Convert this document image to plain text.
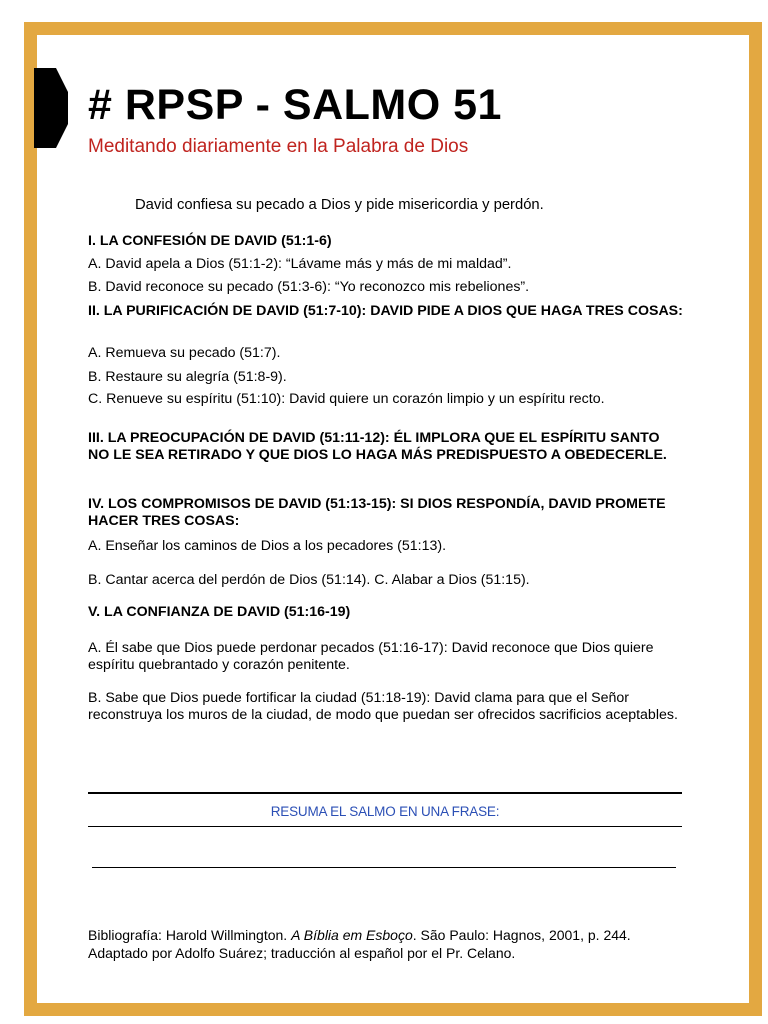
# RPSP - SALMO 51
Meditando diariamente en la Palabra de Dios
David confiesa su pecado a Dios y pide misericordia y perdón.
I. LA CONFESIÓN DE DAVID (51:1-6)
A. David apela a Dios (51:1-2): “Lávame más y más de mi maldad”.
B. David reconoce su pecado (51:3-6): “Yo reconozco mis rebeliones”.
II. LA PURIFICACIÓN DE DAVID (51:7-10): DAVID PIDE A DIOS QUE HAGA TRES COSAS:
A. Remueva su pecado (51:7).
B. Restaure su alegría (51:8-9).
C. Renueve su espíritu (51:10): David quiere un corazón limpio y un espíritu recto.
III. LA PREOCUPACIÓN DE DAVID (51:11-12): ÉL IMPLORA QUE EL ESPÍRITU SANTO NO LE SEA RETIRADO Y QUE DIOS LO HAGA MÁS PREDISPUESTO A OBEDECERLE.
IV. LOS COMPROMISOS DE DAVID (51:13-15): SI DIOS RESPONDÍA, DAVID PROMETE HACER TRES COSAS:
A. Enseñar los caminos de Dios a los pecadores (51:13).
B. Cantar acerca del perdón de Dios (51:14). C. Alabar a Dios (51:15).
V. LA CONFIANZA DE DAVID (51:16-19)
A. Él sabe que Dios puede perdonar pecados (51:16-17): David reconoce que Dios quiere espíritu quebrantado y corazón penitente.
B. Sabe que Dios puede fortificar la ciudad (51:18-19): David clama para que el Señor reconstruya los muros de la ciudad, de modo que puedan ser ofrecidos sacrificios aceptables.
RESUMA EL SALMO EN UNA FRASE:
Bibliografía: Harold Willmington. A Bíblia em Esboço. São Paulo: Hagnos, 2001, p. 244. Adaptado por Adolfo Suárez; traducción al español por el Pr. Celano.
